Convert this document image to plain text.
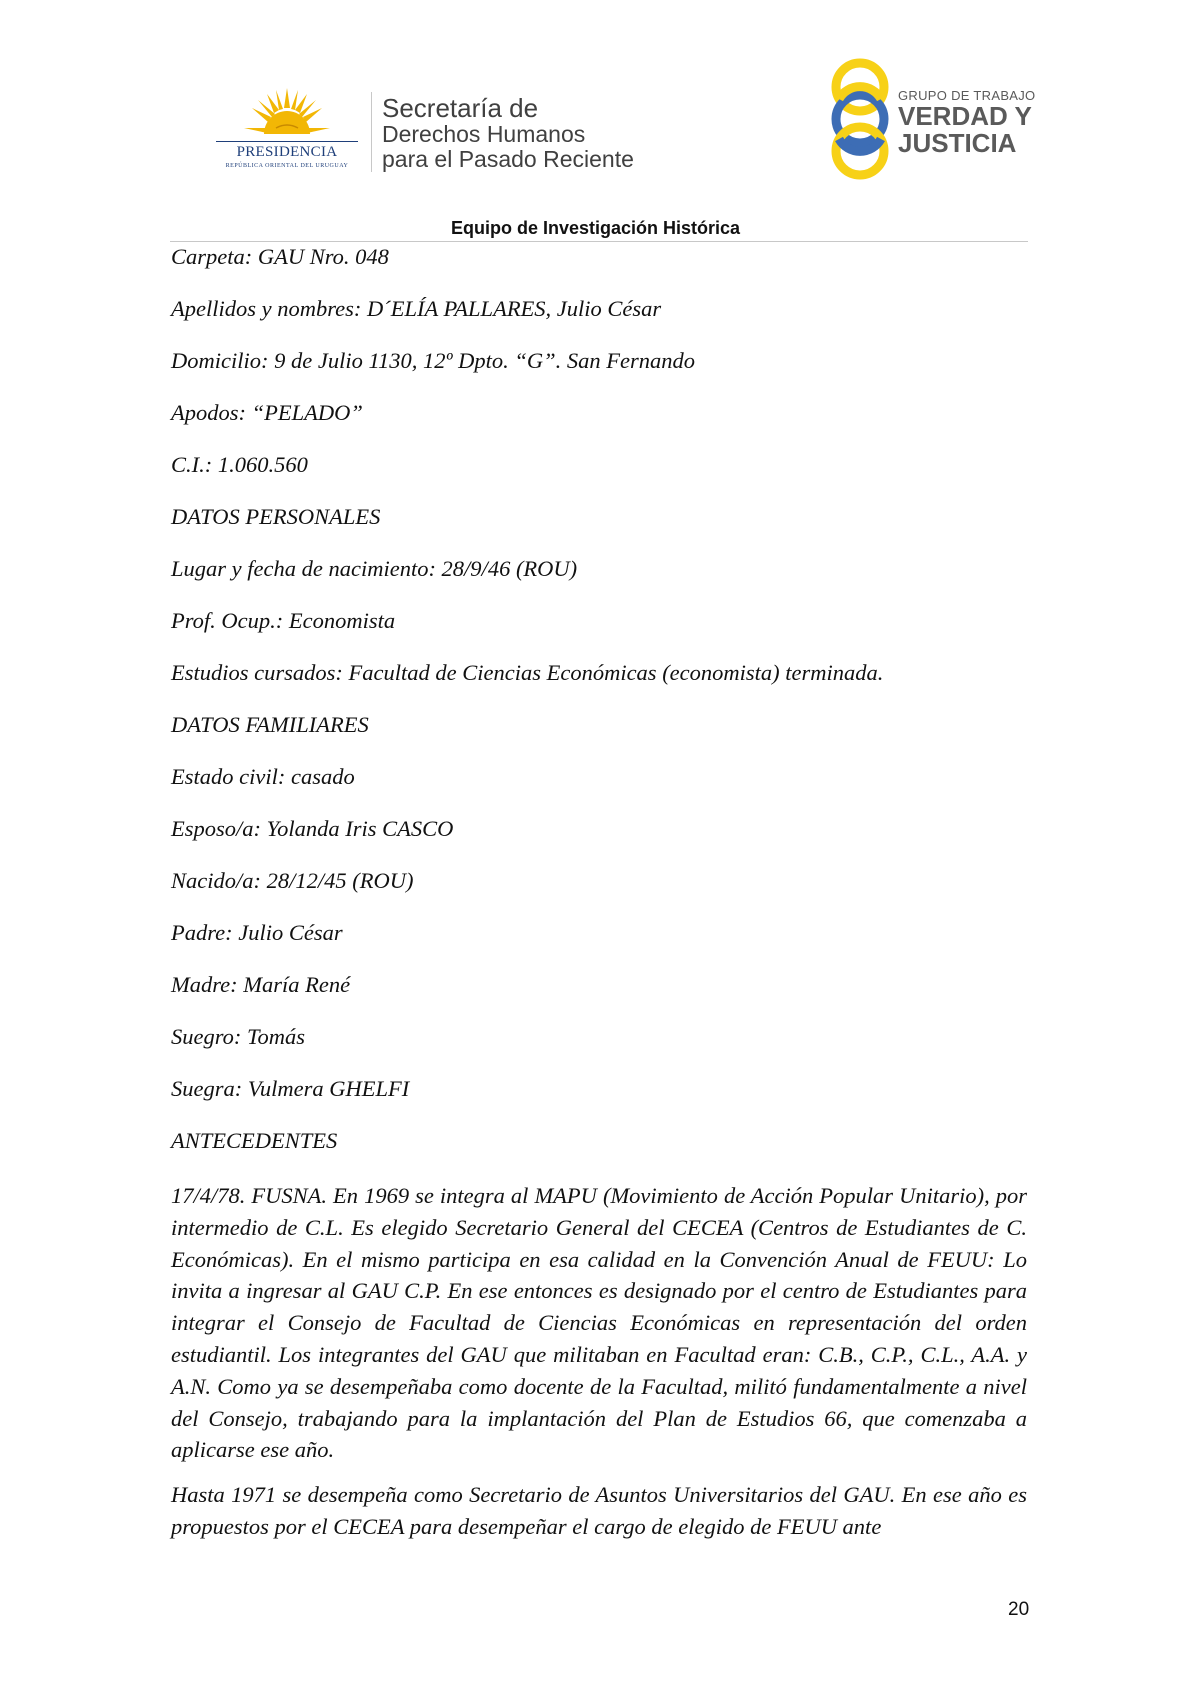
PRESIDENCIA
REPÚBLICA ORIENTAL DEL URUGUAY
Secretaría de
Derechos Humanos
para el Pasado Reciente
GRUPO DE TRABAJO
VERDAD Y
JUSTICIA
Equipo de Investigación Histórica
Carpeta: GAU Nro. 048
Apellidos y nombres: D´ELÍA PALLARES, Julio César
Domicilio: 9 de Julio 1130, 12º Dpto. “G”. San Fernando
Apodos: “PELADO”
C.I.: 1.060.560
DATOS PERSONALES
Lugar y fecha de nacimiento: 28/9/46 (ROU)
Prof. Ocup.: Economista
Estudios cursados: Facultad de Ciencias Económicas (economista) terminada.
DATOS FAMILIARES
Estado civil: casado
Esposo/a: Yolanda Iris CASCO
Nacido/a: 28/12/45 (ROU)
Padre: Julio César
Madre: María René
Suegro: Tomás
Suegra: Vulmera GHELFI
ANTECEDENTES

17/4/78. FUSNA. En 1969 se integra al MAPU (Movimiento de Acción Popular Unitario), por intermedio de C.L. Es elegido Secretario General del CECEA (Centros de Estudiantes de C. Económicas). En el mismo participa en esa calidad en la Convención Anual de FEUU: Lo invita a ingresar al GAU C.P. En ese entonces es designado por el centro de Estudiantes para integrar el Consejo de Facultad de Ciencias Económicas en representación del orden estudiantil. Los integrantes del GAU que militaban en Facultad eran: C.B., C.P., C.L., A.A. y A.N. Como ya se desempeñaba como docente de la Facultad, militó fundamentalmente a nivel del Consejo, trabajando para la implantación del Plan de Estudios 66, que comenzaba a aplicarse ese año.

Hasta 1971 se desempeña como Secretario de Asuntos Universitarios del GAU. En ese año es propuestos por el CECEA para desempeñar el cargo de elegido de FEUU ante

20
